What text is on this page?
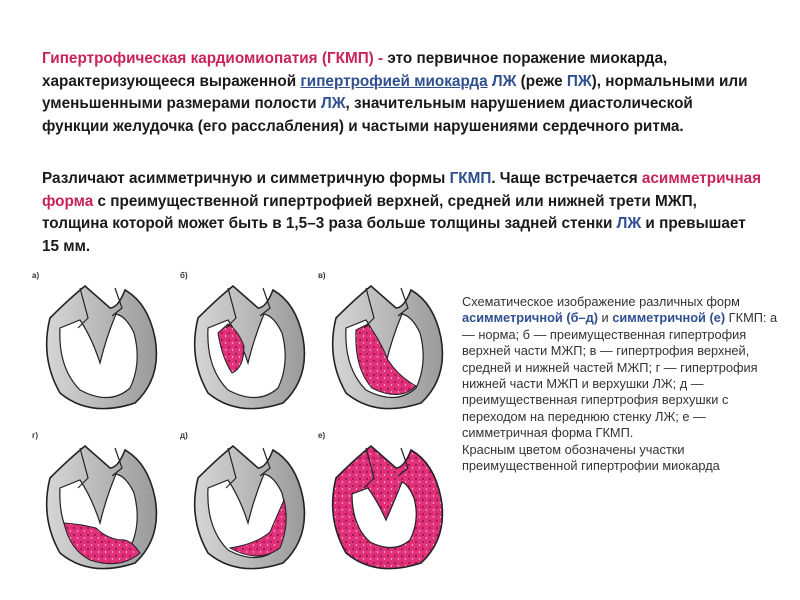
Гипертрофическая кардиомиопатия (ГКМП) - это первичное поражение миокарда, характеризующееся выраженной гипертрофией миокарда ЛЖ (реже ПЖ), нормальными или уменьшенными размерами полости ЛЖ, значительным нарушением диастолической функции желудочка (его расслабления) и частыми нарушениями сердечного ритма.

Различают асимметричную и симметричную формы ГКМП. Чаще встречается асимметричная форма с преимущественной гипертрофией верхней, средней или нижней трети МЖП, толщина которой может быть в 1,5–3 раза больше толщины задней стенки ЛЖ и превышает 15 мм.

а)	б)	в)
г)	д)	е)

Схематическое изображение различных форм асимметричной (б–д) и симметричной (е) ГКМП: а — норма; б — преимущественная гипертрофия верхней части МЖП; в — гипертрофия верхней, средней и нижней частей МЖП; г — гипертрофия нижней части МЖП и верхушки ЛЖ; д — преимущественная гипертрофия верхушки с переходом на переднюю стенку ЛЖ; е — симметричная форма ГКМП.

Красным цветом обозначены участки преимущественной гипертрофии миокарда
